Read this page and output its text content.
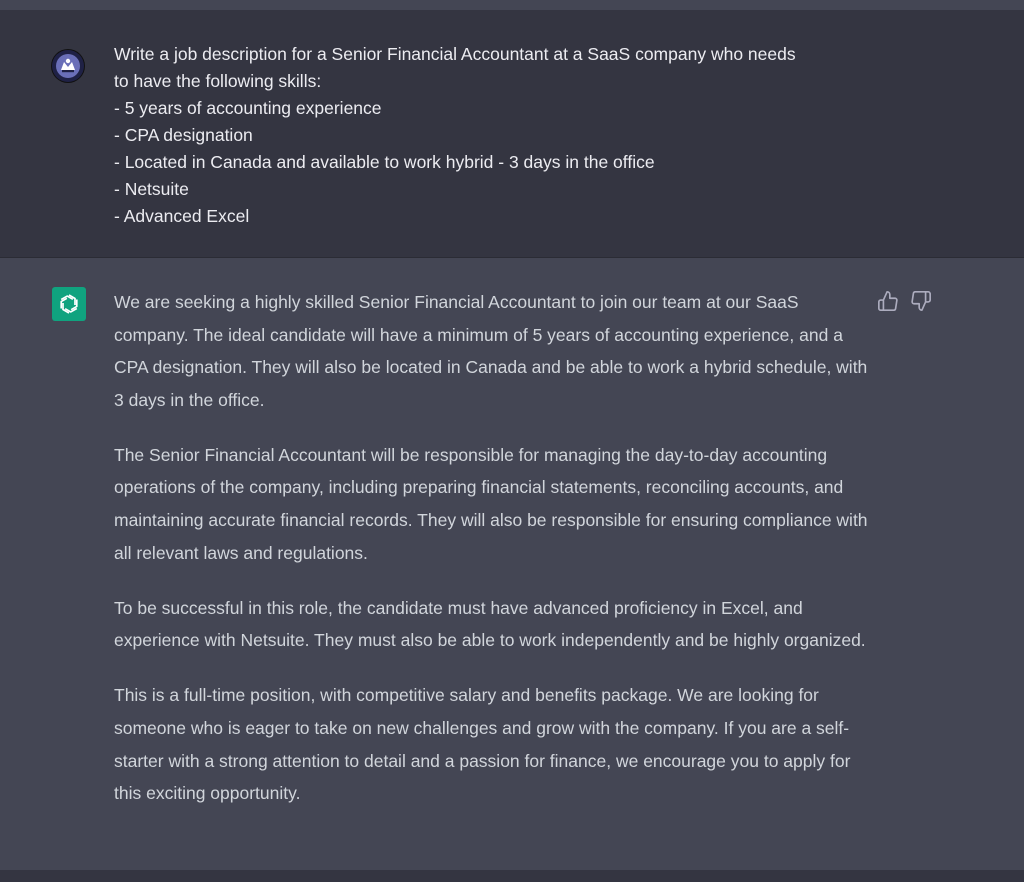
Write a job description for a Senior Financial Accountant at a SaaS company who needs
to have the following skills:
- 5 years of accounting experience
- CPA designation
- Located in Canada and available to work hybrid - 3 days in the office
- Netsuite
- Advanced Excel

We are seeking a highly skilled Senior Financial Accountant to join our team at our SaaS company. The ideal candidate will have a minimum of 5 years of accounting experience, and a CPA designation. They will also be located in Canada and be able to work a hybrid schedule, with 3 days in the office.

The Senior Financial Accountant will be responsible for managing the day-to-day accounting operations of the company, including preparing financial statements, reconciling accounts, and maintaining accurate financial records. They will also be responsible for ensuring compliance with all relevant laws and regulations.

To be successful in this role, the candidate must have advanced proficiency in Excel, and experience with Netsuite. They must also be able to work independently and be highly organized.

This is a full-time position, with competitive salary and benefits package. We are looking for someone who is eager to take on new challenges and grow with the company. If you are a self-starter with a strong attention to detail and a passion for finance, we encourage you to apply for this exciting opportunity.
